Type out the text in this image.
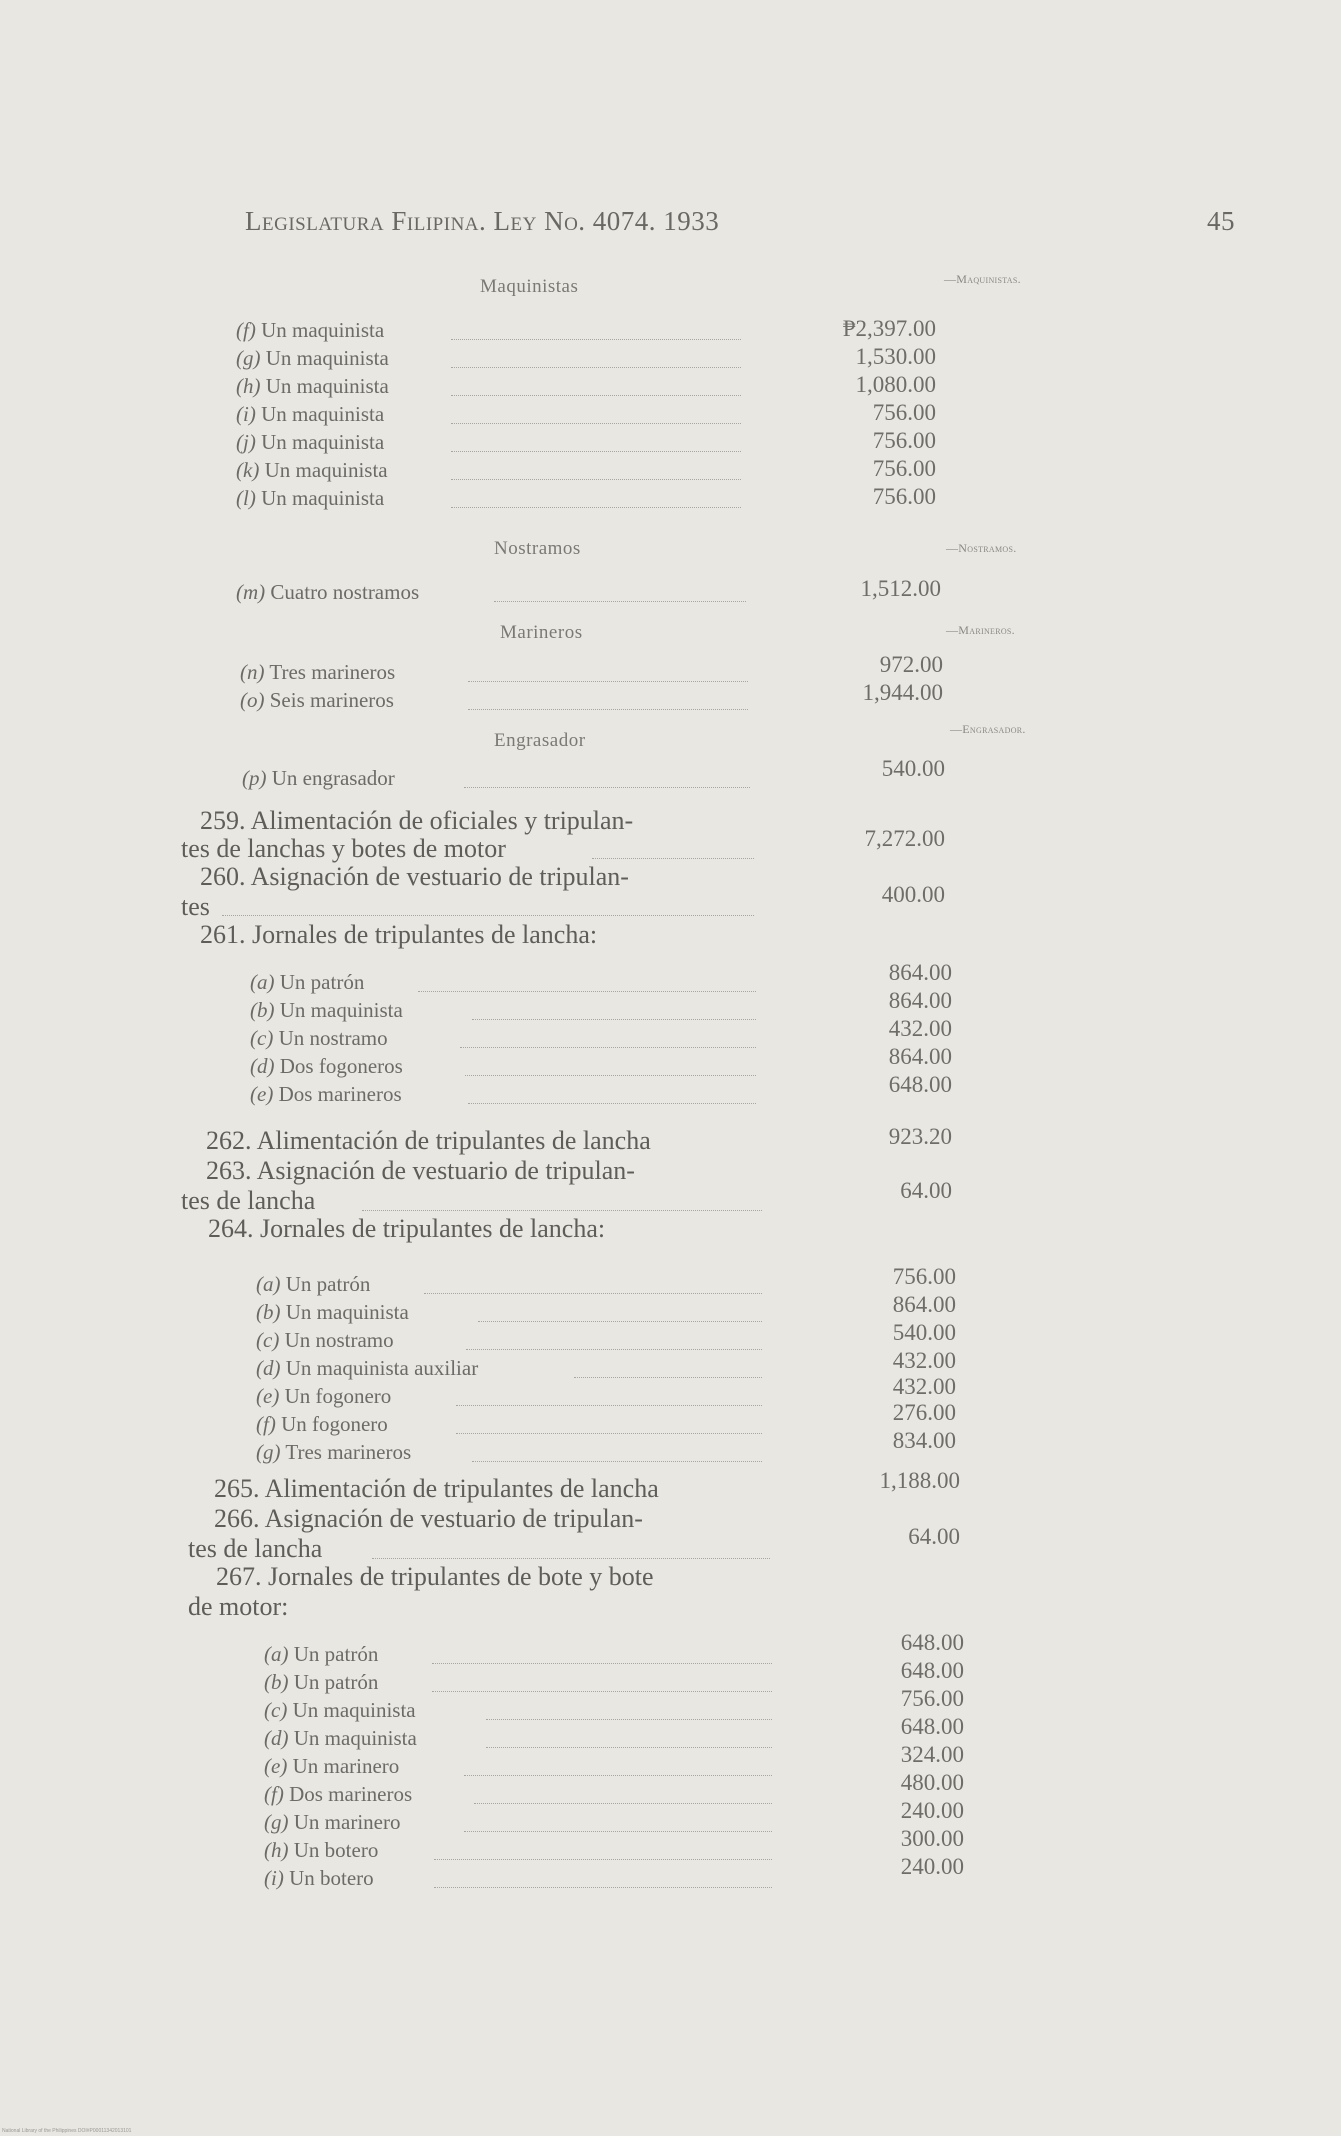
Legislatura Filipina. Ley No. 4074. 1933	45
Maquinistas	—Maquinistas.
(f) Un maquinista	₱2,397.00
(g) Un maquinista	1,530.00
(h) Un maquinista	1,080.00
(i) Un maquinista	756.00
(j) Un maquinista	756.00
(k) Un maquinista	756.00
(l) Un maquinista	756.00
Nostramos	—Nostramos.
(m) Cuatro nostramos	1,512.00
Marineros	—Marineros.
(n) Tres marineros	972.00
(o) Seis marineros	1,944.00
Engrasador
—Engrasador.
(p) Un engrasador	540.00
259. Alimentación de oficiales y tripulan-
tes de lanchas y botes de motor	7,272.00
260. Asignación de vestuario de tripulan-
tes	400.00
261. Jornales de tripulantes de lancha:
(a) Un patrón	864.00
(b) Un maquinista	864.00
(c) Un nostramo	432.00
(d) Dos fogoneros	864.00
(e) Dos marineros	648.00
262. Alimentación de tripulantes de lancha	923.20
263. Asignación de vestuario de tripulan-
tes de lancha	64.00
264. Jornales de tripulantes de lancha:
(a) Un patrón	756.00
(b) Un maquinista	864.00
(c) Un nostramo	540.00
(d) Un maquinista auxiliar	432.00
(e) Un fogonero	432.00
(f) Un fogonero	276.00
(g) Tres marineros	834.00
265. Alimentación de tripulantes de lancha	1,188.00
266. Asignación de vestuario de tripulan-
tes de lancha	64.00
267. Jornales de tripulantes de bote y bote
de motor:
(a) Un patrón	648.00
(b) Un patrón	648.00
(c) Un maquinista	756.00
(d) Un maquinista	648.00
(e) Un marinero	324.00
(f) Dos marineros	480.00
(g) Un marinero	240.00
(h) Un botero	300.00
(i) Un botero	240.00
National Library of the Philippines DOI#P00011342013101
